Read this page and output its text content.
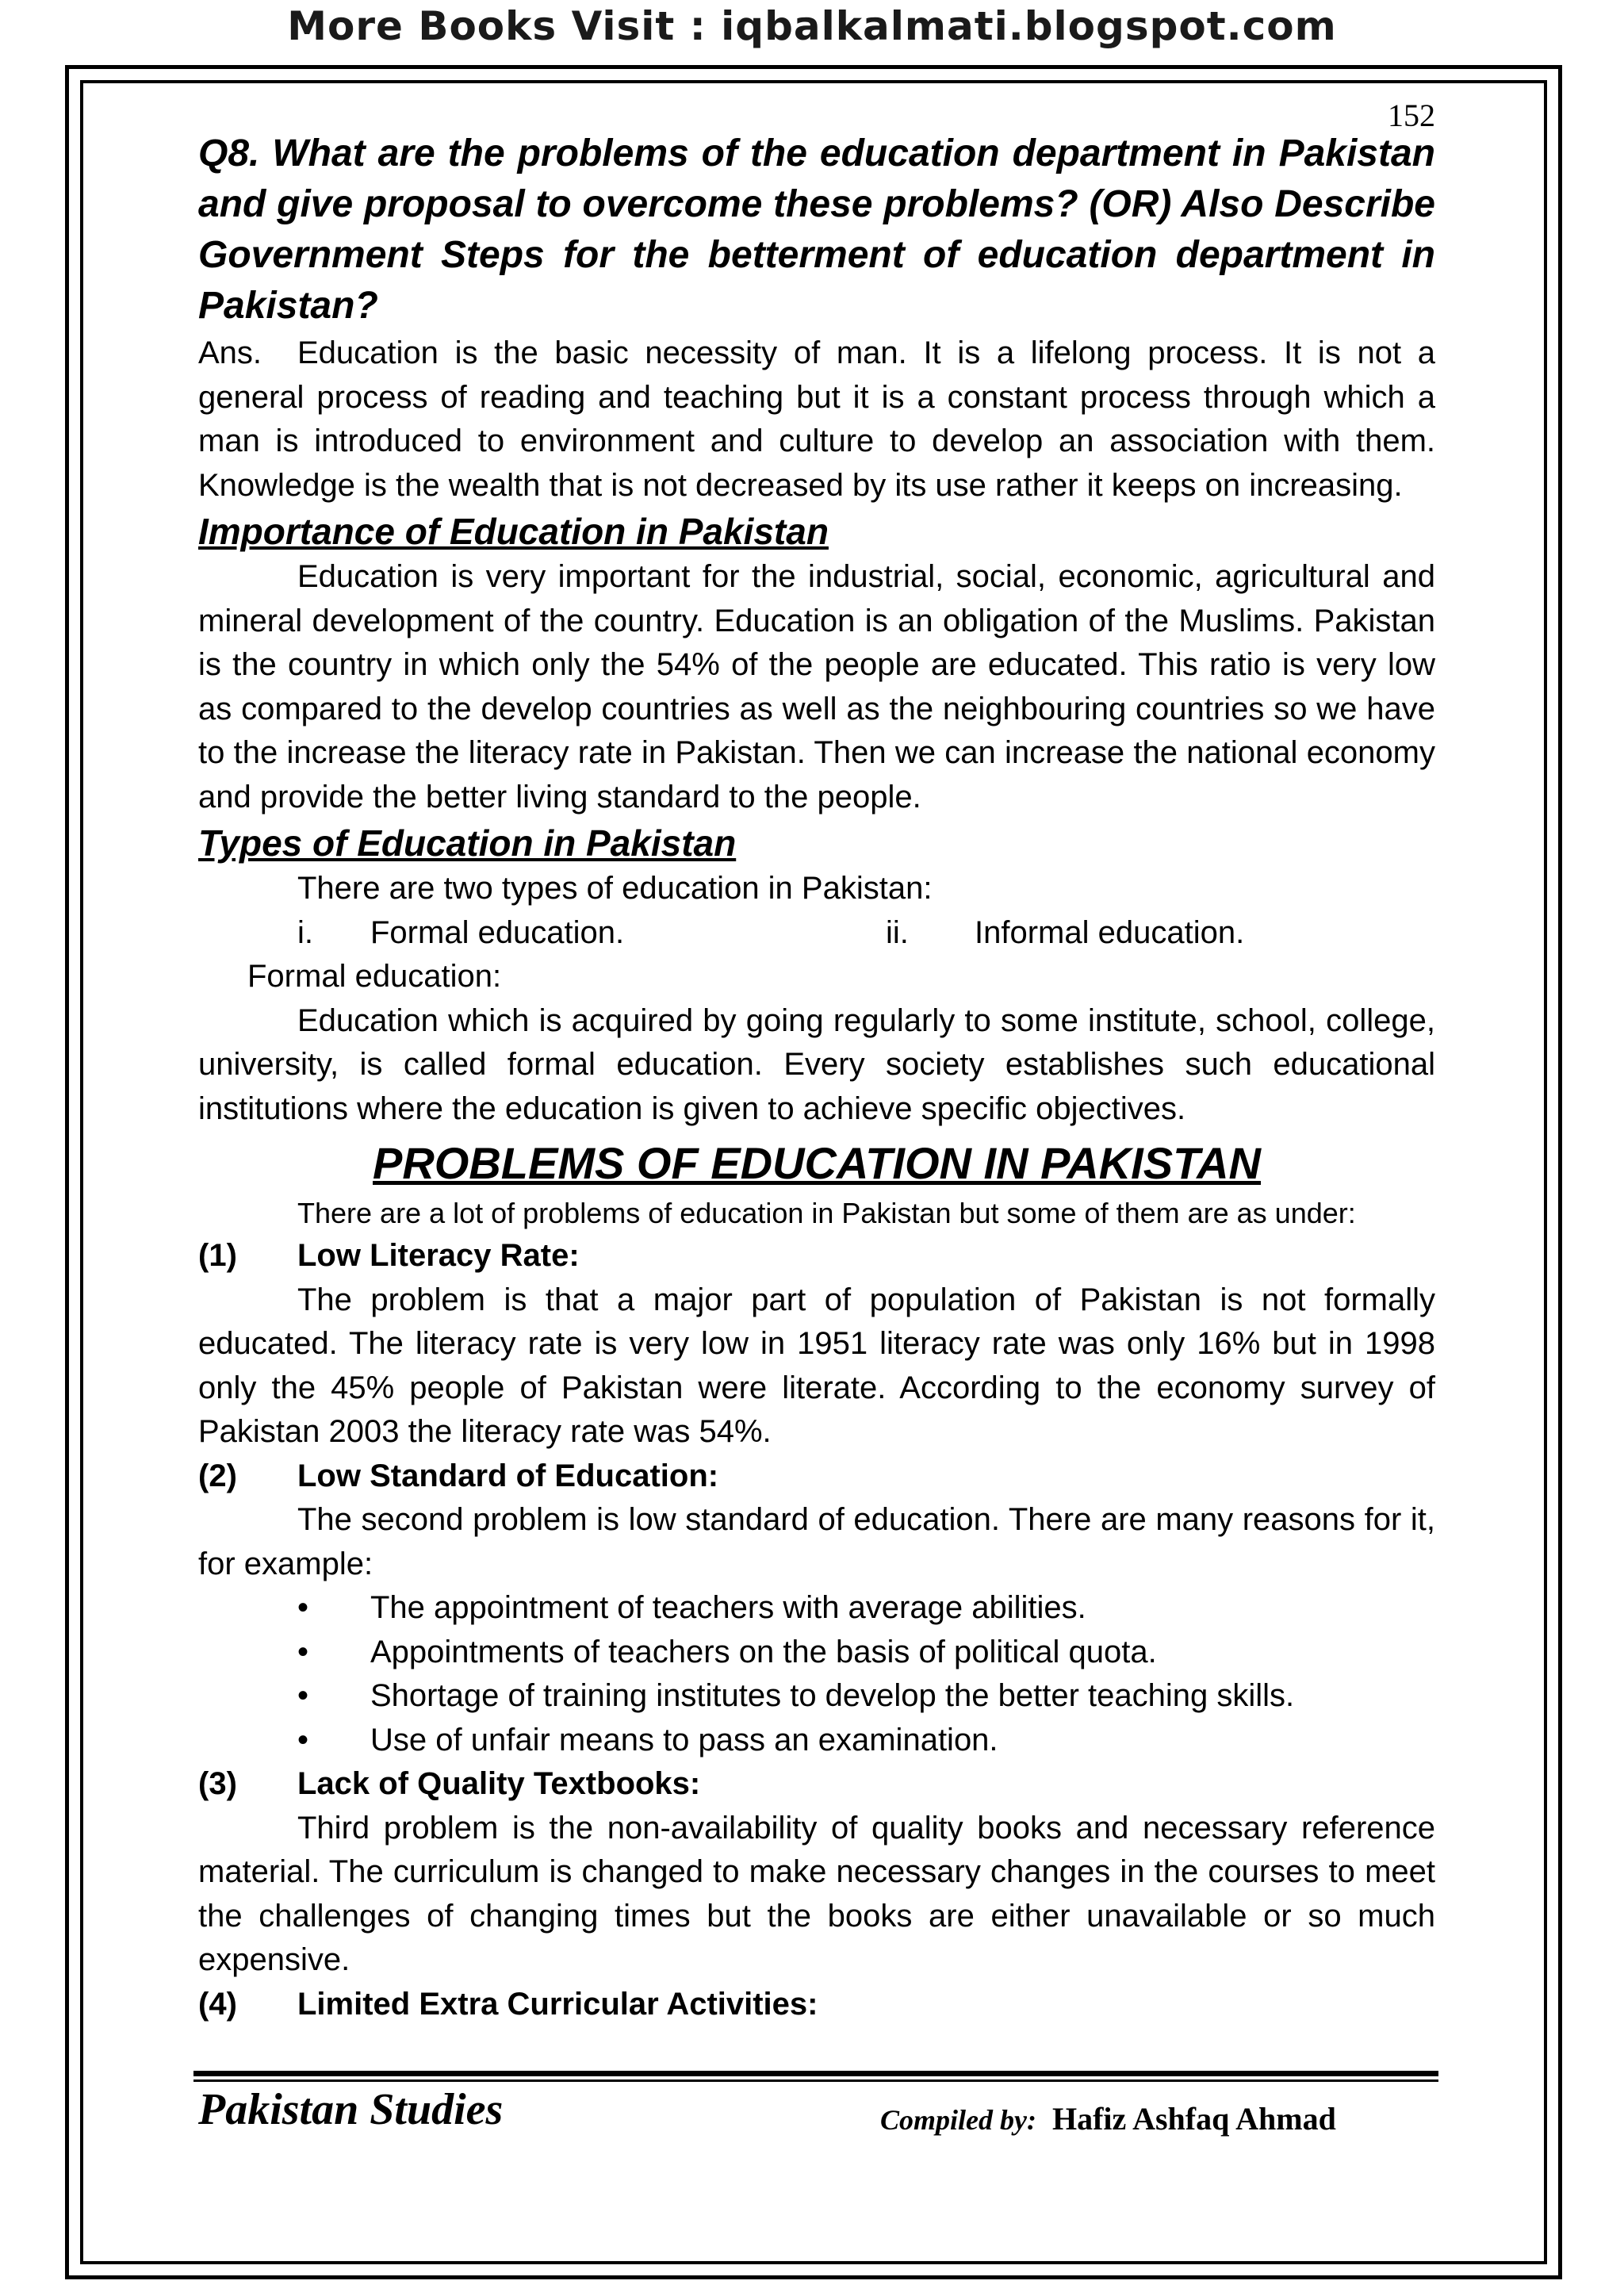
More Books Visit : iqbalkalmati.blogspot.com
152

Q8. What are the problems of the education department in Pakistan and give proposal to overcome these problems? (OR) Also Describe Government Steps for the betterment of education department in Pakistan?

Ans. Education is the basic necessity of man. It is a lifelong process. It is not a general process of reading and teaching but it is a constant process through which a man is introduced to environment and culture to develop an association with them. Knowledge is the wealth that is not decreased by its use rather it keeps on increasing.

Importance of Education in Pakistan

Education is very important for the industrial, social, economic, agricultural and mineral development of the country. Education is an obligation of the Muslims. Pakistan is the country in which only the 54% of the people are educated. This ratio is very low as compared to the develop countries as well as the neighbouring countries so we have to the increase the literacy rate in Pakistan. Then we can increase the national economy and provide the better living standard to the people.

Types of Education in Pakistan

There are two types of education in Pakistan:

i.	Formal education.	ii.	Informal education.
Formal education:

Education which is acquired by going regularly to some institute, school, college, university, is called formal education. Every society establishes such educational institutions where the education is given to achieve specific objectives.

PROBLEMS OF EDUCATION IN PAKISTAN
There are a lot of problems of education in Pakistan but some of them are as under:
(1)	Low Literacy Rate:

The problem is that a major part of population of Pakistan is not formally educated. The literacy rate is very low in 1951 literacy rate was only 16% but in 1998 only the 45% people of Pakistan were literate. According to the economy survey of Pakistan 2003 the literacy rate was 54%.

(2)	Low Standard of Education:

The second problem is low standard of education. There are many reasons for it, for example:

•	The appointment of teachers with average abilities.
•	Appointments of teachers on the basis of political quota.
•	Shortage of training institutes to develop the better teaching skills.
•	Use of unfair means to pass an examination.
(3)	Lack of Quality Textbooks:

Third problem is the non-availability of quality books and necessary reference material. The curriculum is changed to make necessary changes in the courses to meet the challenges of changing times but the books are either unavailable or so much expensive.

(4)	Limited Extra Curricular Activities:
Pakistan Studies	Compiled by: Hafiz Ashfaq Ahmad
